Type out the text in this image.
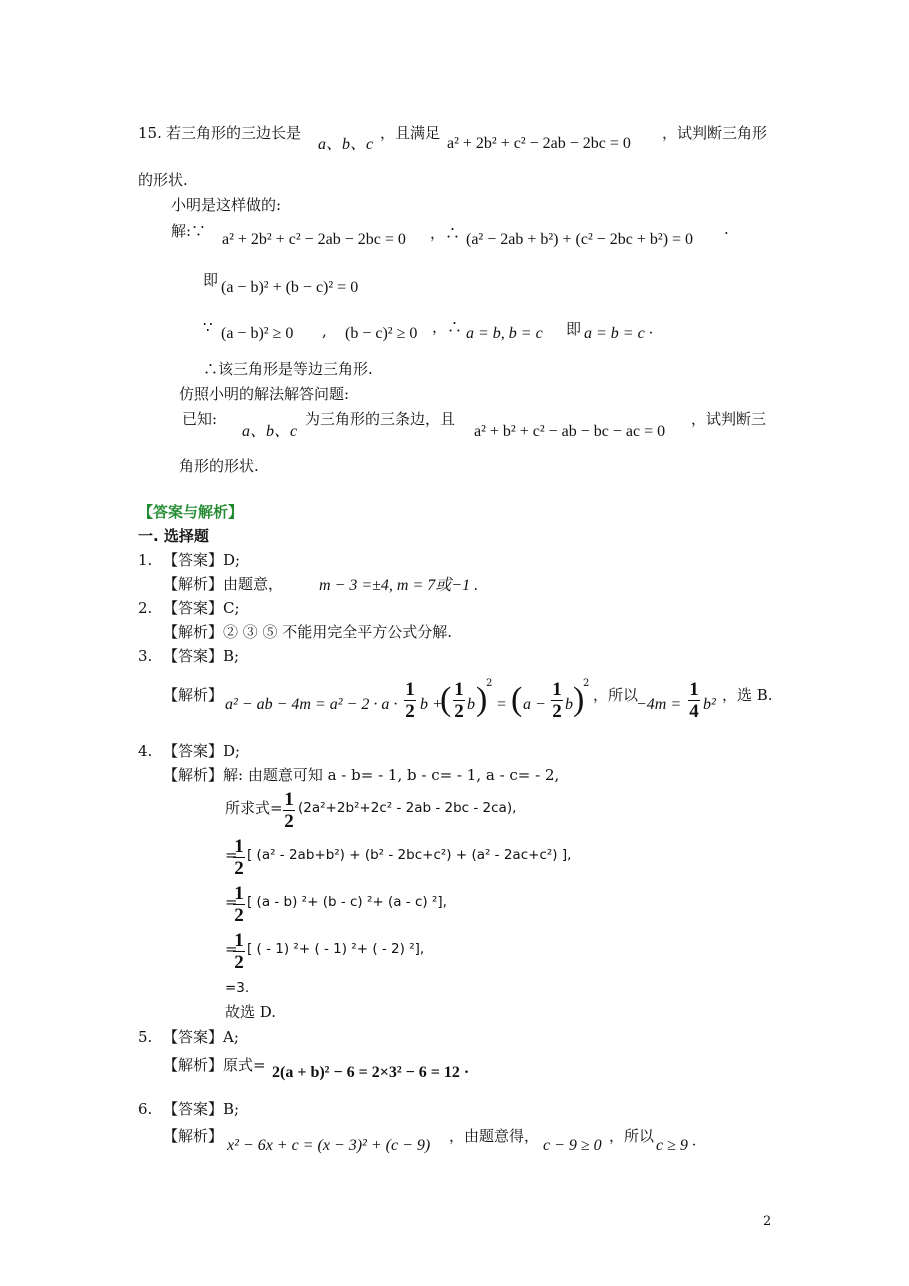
15. 若三角形的三边长是
a、b、c
，且满足
a² + 2b² + c² − 2ab − 2bc = 0
，试判断三角形
的形状.
小明是这样做的:
解:∵ a² + 2b² + c² − 2ab − 2bc = 0 ，∴ (a² − 2ab + b²) + (c² − 2bc + b²) = 0 ·
即 (a − b)² + (b − c)² = 0
∵ (a − b)² ≥ 0 , (b − c)² ≥ 0 ，∴ a = b, b = c 即 a = b = c ·
∴该三角形是等边三角形.
仿照小明的解法解答问题:
已知:
a、b、c
为三角形的三条边，且
a² + b² + c² − ab − bc − ac = 0
，试判断三
角形的形状.
【答案与解析】
一. 选择题
1. 【答案】D;
【解析】由题意， m − 3 =±4, m = 7或−1 .
2. 【答案】C;
【解析】② ③ ⑤ 不能用完全平方公式分解.
3. 【答案】B;
【解析】
a² − ab − 4m = a² − 2 · a ·
1
2 b +
( 1
2 b )
2
= ( a −
1
2 b )
2
，所以
−4m =
1
4 b²
，选 B.
4. 【答案】D;
【解析】解: 由题意可知 a - b= - 1, b - c= - 1, a - c= - 2,
所求式= 1
2
(2a²+2b²+2c² - 2ab - 2bc - 2ca),
=
1
2
[ (a² - 2ab+b²) + (b² - 2bc+c²) + (a² - 2ac+c²) ],
=
1
2
[ (a - b) ²+ (b - c) ²+ (a - c) ²],
=
1
2
[ ( - 1) ²+ ( - 1) ²+ ( - 2) ²],
=3.
故选 D.
5. 【答案】A;
【解析】原式= 2(a + b)² − 6 = 2×3² − 6 = 12 ·
6. 【答案】B;
【解析】
x² − 6x + c = (x − 3)² + (c − 9)
，由题意得，
c − 9 ≥ 0
，所以
c ≥ 9 ·
2
